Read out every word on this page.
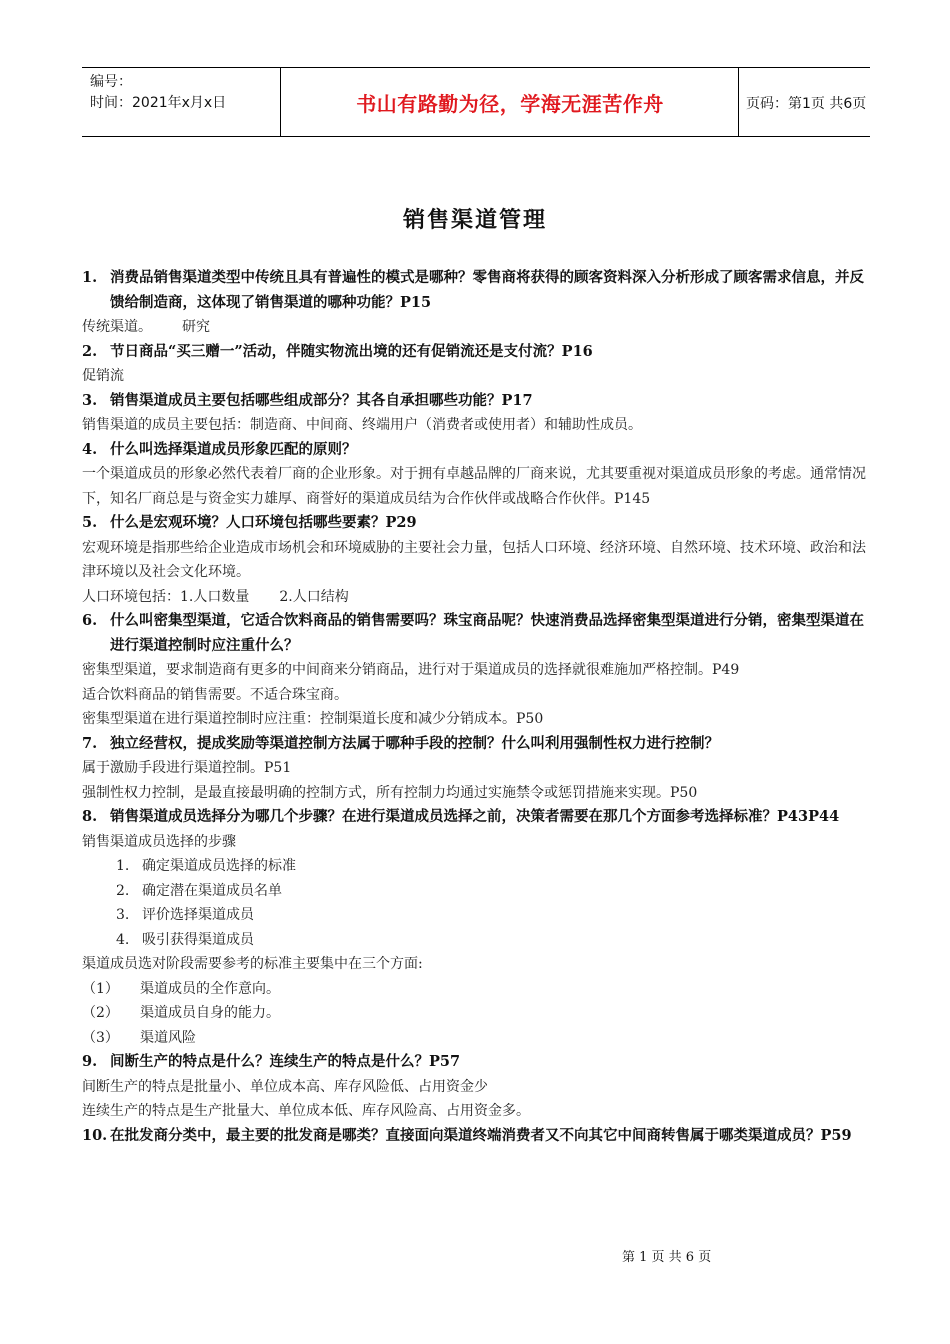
编号：
时间：2021年x月x日	书山有路勤为径，学海无涯苦作舟	页码：第1页 共6页
销售渠道管理
1. 消费品销售渠道类型中传统且具有普遍性的模式是哪种？零售商将获得的顾客资料深入分析形成了顾客需求信息，并反馈给制造商，这体现了销售渠道的哪种功能？P15
传统渠道。 研究
2. 节日商品“买三赠一”活动，伴随实物流出境的还有促销流还是支付流？P16
促销流
3. 销售渠道成员主要包括哪些组成部分？其各自承担哪些功能？P17
销售渠道的成员主要包括：制造商、中间商、终端用户（消费者或使用者）和辅助性成员。
4. 什么叫选择渠道成员形象匹配的原则？
一个渠道成员的形象必然代表着厂商的企业形象。对于拥有卓越品牌的厂商来说，尤其要重视对渠道成员形象的考虑。通常情况下，知名厂商总是与资金实力雄厚、商誉好的渠道成员结为合作伙伴或战略合作伙伴。P145
5. 什么是宏观环境？人口环境包括哪些要素？P29
宏观环境是指那些给企业造成市场机会和环境威胁的主要社会力量，包括人口环境、经济环境、自然环境、技术环境、政治和法津环境以及社会文化环境。
人口环境包括：1.人口数量 2.人口结构
6. 什么叫密集型渠道，它适合饮料商品的销售需要吗？珠宝商品呢？快速消费品选择密集型渠道进行分销，密集型渠道在进行渠道控制时应注重什么？
密集型渠道，要求制造商有更多的中间商来分销商品，进行对于渠道成员的选择就很难施加严格控制。P49
适合饮料商品的销售需要。不适合珠宝商。
密集型渠道在进行渠道控制时应注重：控制渠道长度和减少分销成本。P50
7. 独立经营权，提成奖励等渠道控制方法属于哪种手段的控制？什么叫利用强制性权力进行控制？
属于激励手段进行渠道控制。P51
强制性权力控制，是最直接最明确的控制方式，所有控制力均通过实施禁令或惩罚措施来实现。P50
8. 销售渠道成员选择分为哪几个步骤？在进行渠道成员选择之前，决策者需要在那几个方面参考选择标准？P43P44
销售渠道成员选择的步骤
1. 确定渠道成员选择的标准
2. 确定潜在渠道成员名单
3. 评价选择渠道成员
4. 吸引获得渠道成员
渠道成员选对阶段需要参考的标准主要集中在三个方面:
（1） 渠道成员的全作意向。
（2） 渠道成员自身的能力。
（3） 渠道风险
9. 间断生产的特点是什么？连续生产的特点是什么？P57
间断生产的特点是批量小、单位成本高、库存风险低、占用资金少
连续生产的特点是生产批量大、单位成本低、库存风险高、占用资金多。
10. 在批发商分类中，最主要的批发商是哪类？直接面向渠道终端消费者又不向其它中间商转售属于哪类渠道成员？P59
第 1 页 共 6 页
